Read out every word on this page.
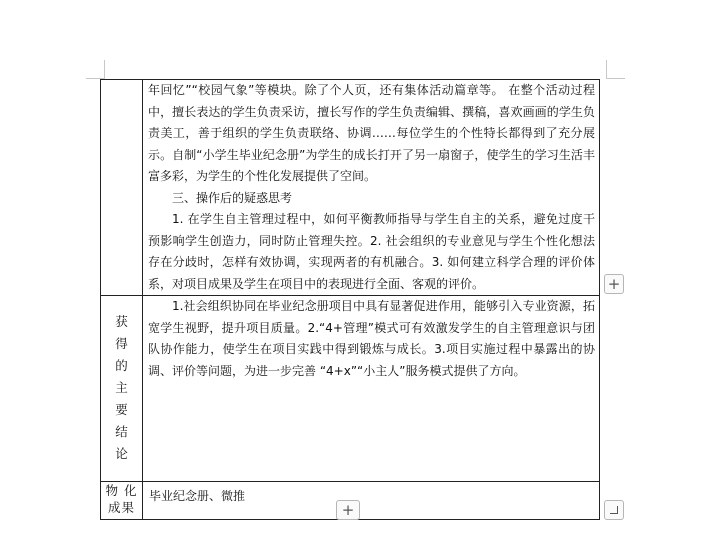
	年回忆”“校园气象”等模块。除了个人页，还有集体活动篇章等。 在整个活动过程中，擅长表达的学生负责采访，擅长写作的学生负责编辑、撰稿，喜欢画画的学生负责美工，善于组织的学生负责联络、协调……每位学生的个性特长都得到了充分展示。自制“小学生毕业纪念册”为学生的成长打开了另一扇窗子，使学生的学习生活丰富多彩，为学生的个性化发展提供了空间。

三、操作后的疑惑思考

1. 在学生自主管理过程中，如何平衡教师指导与学生自主的关系，避免过度干预影响学生创造力，同时防止管理失控。2. 社会组织的专业意见与学生个性化想法存在分歧时，怎样有效协调，实现两者的有机融合。3. 如何建立科学合理的评价体系，对项目成果及学生在项目中的表现进行全面、客观的评价。

获得的主要结论	1.社会组织协同在毕业纪念册项目中具有显著促进作用，能够引入专业资源，拓宽学生视野，提升项目质量。2.“4+管理”模式可有效激发学生的自主管理意识与团队协作能力，使学生在项目实践中得到锻炼与成长。3.项目实施过程中暴露出的协调、评价等问题，为进一步完善 “4+x”“小主人”服务模式提供了方向。

物 化成果	毕业纪念册、微推
+
+
